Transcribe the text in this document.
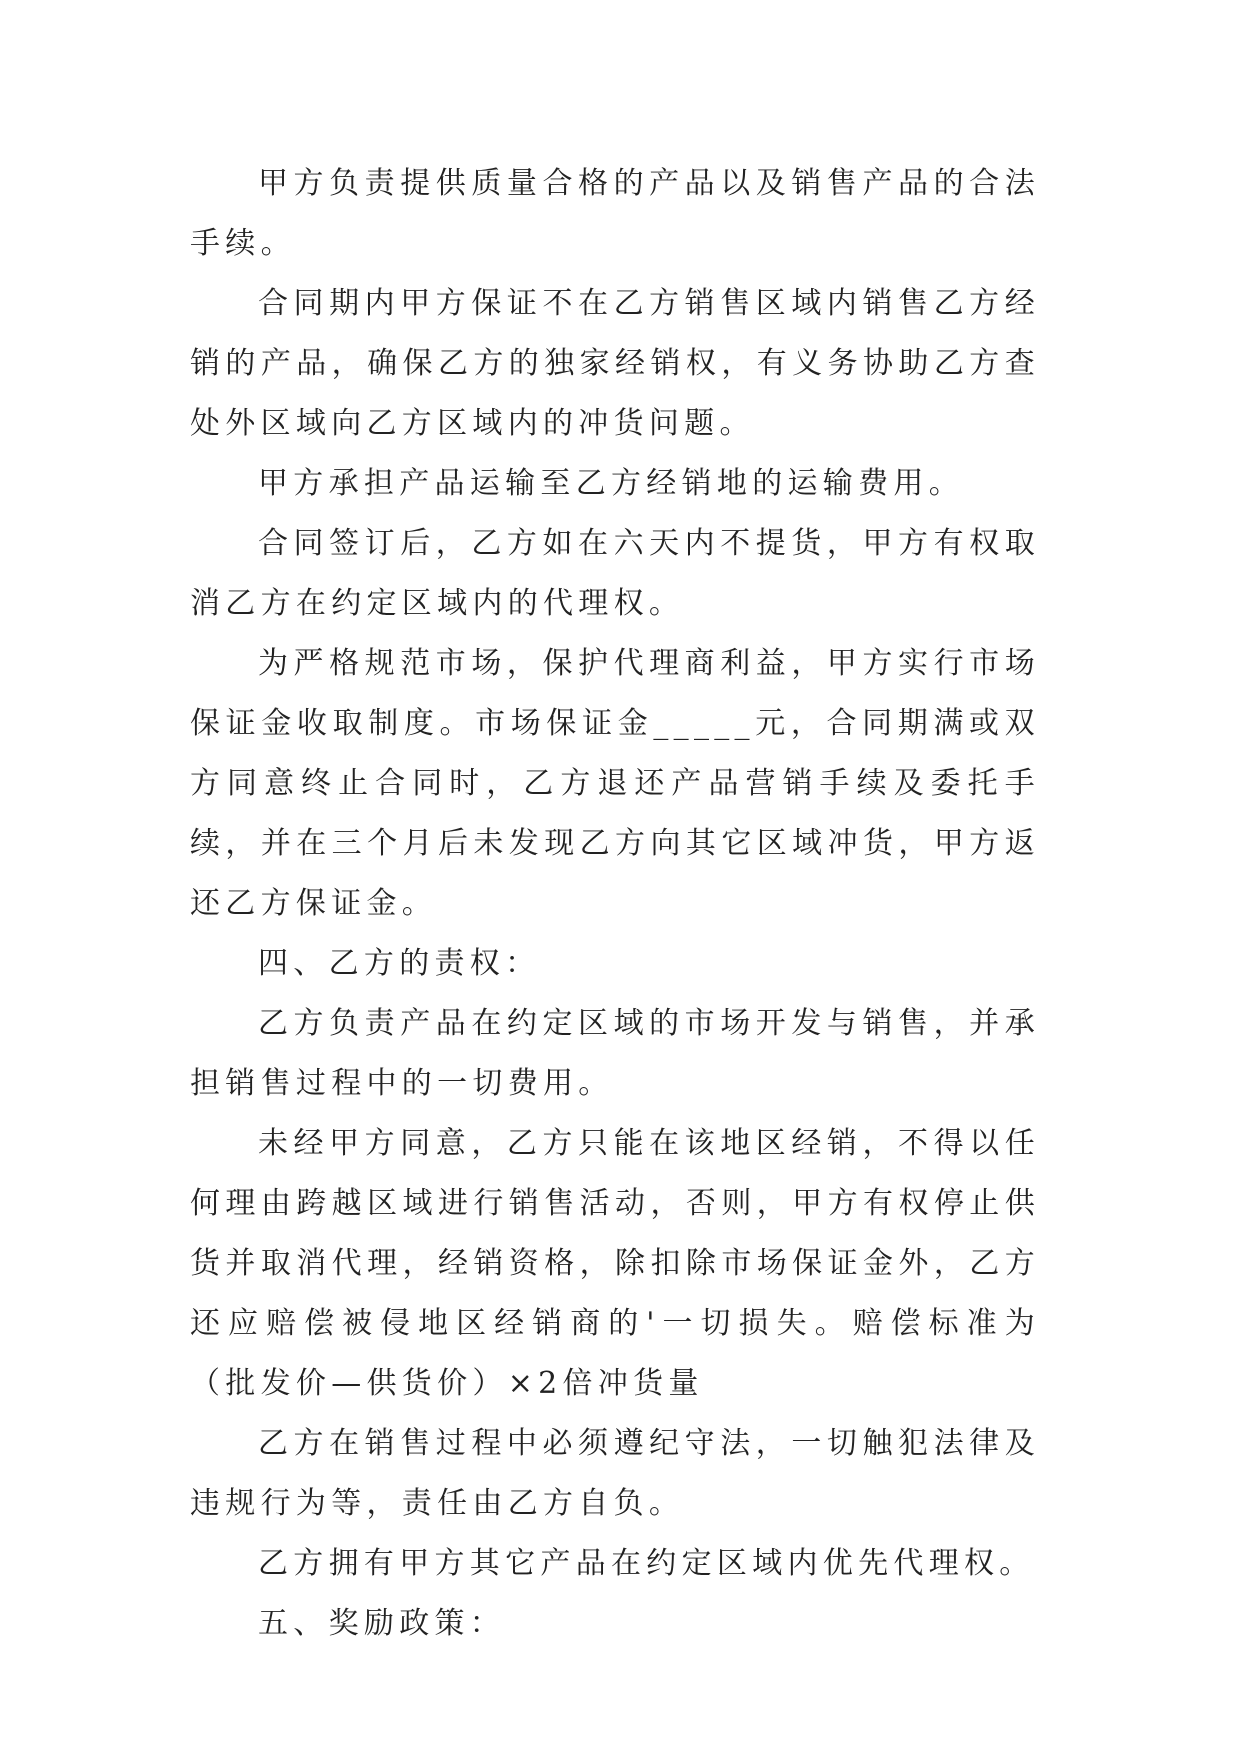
甲方负责提供质量合格的产品以及销售产品的合法手续。

合同期内甲方保证不在乙方销售区域内销售乙方经销的产品，确保乙方的独家经销权，有义务协助乙方查处外区域向乙方区域内的冲货问题。

甲方承担产品运输至乙方经销地的运输费用。

合同签订后，乙方如在六天内不提货，甲方有权取消乙方在约定区域内的代理权。

为严格规范市场，保护代理商利益，甲方实行市场保证金收取制度。市场保证金_____元，合同期满或双方同意终止合同时，乙方退还产品营销手续及委托手续，并在三个月后未发现乙方向其它区域冲货，甲方返还乙方保证金。

四、乙方的责权：

乙方负责产品在约定区域的市场开发与销售，并承担销售过程中的一切费用。

未经甲方同意，乙方只能在该地区经销，不得以任何理由跨越区域进行销售活动，否则，甲方有权停止供货并取消代理，经销资格，除扣除市场保证金外，乙方还应赔偿被侵地区经销商的'一切损失。赔偿标准为（批发价—供货价）×2倍冲货量

乙方在销售过程中必须遵纪守法，一切触犯法律及违规行为等，责任由乙方自负。

乙方拥有甲方其它产品在约定区域内优先代理权。

五、奖励政策：
